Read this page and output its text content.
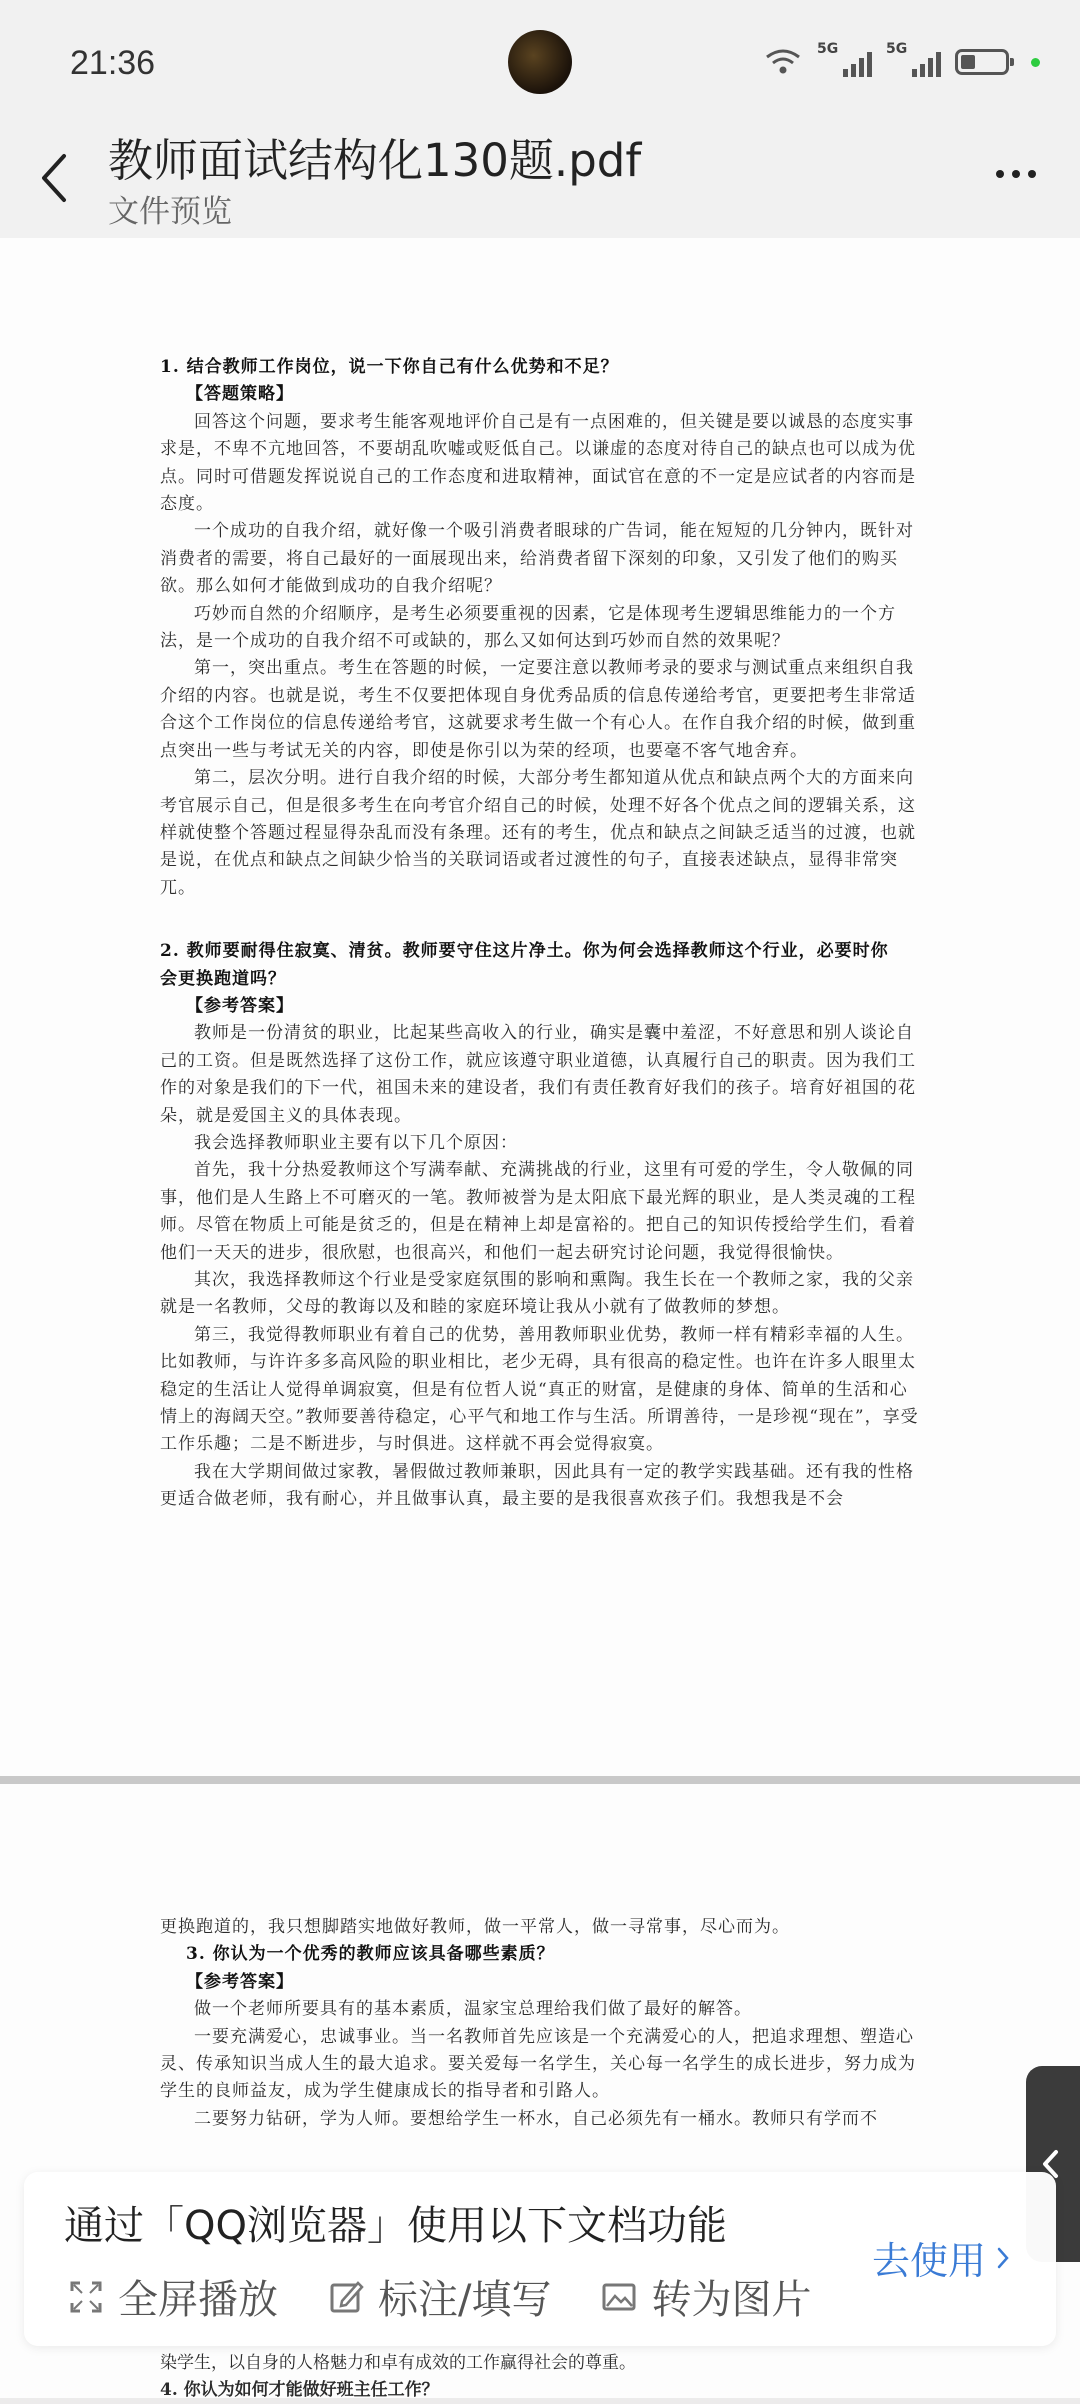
21:36	5G	5G
教师面试结构化130题.pdf
文件预览
1. 结合教师工作岗位，说一下你自己有什么优势和不足？
【答题策略】
回答这个问题，要求考生能客观地评价自己是有一点困难的，但关键是要以诚恳的态度实事求是，不卑不亢地回答，不要胡乱吹嘘或贬低自己。以谦虚的态度对待自己的缺点也可以成为优点。同时可借题发挥说说自己的工作态度和进取精神，面试官在意的不一定是应试者的内容而是态度。
一个成功的自我介绍，就好像一个吸引消费者眼球的广告词，能在短短的几分钟内，既针对消费者的需要，将自己最好的一面展现出来，给消费者留下深刻的印象，又引发了他们的购买欲。那么如何才能做到成功的自我介绍呢？
巧妙而自然的介绍顺序，是考生必须要重视的因素，它是体现考生逻辑思维能力的一个方法，是一个成功的自我介绍不可或缺的，那么又如何达到巧妙而自然的效果呢？
第一，突出重点。考生在答题的时候，一定要注意以教师考录的要求与测试重点来组织自我介绍的内容。也就是说，考生不仅要把体现自身优秀品质的信息传递给考官，更要把考生非常适合这个工作岗位的信息传递给考官，这就要求考生做一个有心人。在作自我介绍的时候，做到重点突出一些与考试无关的内容，即使是你引以为荣的经项，也要毫不客气地舍弃。
第二，层次分明。进行自我介绍的时候，大部分考生都知道从优点和缺点两个大的方面来向考官展示自己，但是很多考生在向考官介绍自己的时候，处理不好各个优点之间的逻辑关系，这样就使整个答题过程显得杂乱而没有条理。还有的考生，优点和缺点之间缺乏适当的过渡，也就是说，在优点和缺点之间缺少恰当的关联词语或者过渡性的句子，直接表述缺点，显得非常突兀。
2. 教师要耐得住寂寞、清贫。教师要守住这片净土。你为何会选择教师这个行业，必要时你
会更换跑道吗？
【参考答案】
教师是一份清贫的职业，比起某些高收入的行业，确实是囊中羞涩，不好意思和别人谈论自己的工资。但是既然选择了这份工作，就应该遵守职业道德，认真履行自己的职责。因为我们工作的对象是我们的下一代，祖国未来的建设者，我们有责任教育好我们的孩子。培育好祖国的花朵，就是爱国主义的具体表现。
我会选择教师职业主要有以下几个原因：
首先，我十分热爱教师这个写满奉献、充满挑战的行业，这里有可爱的学生，令人敬佩的同事，他们是人生路上不可磨灭的一笔。教师被誉为是太阳底下最光辉的职业，是人类灵魂的工程师。尽管在物质上可能是贫乏的，但是在精神上却是富裕的。把自己的知识传授给学生们，看着他们一天天的进步，很欣慰，也很高兴，和他们一起去研究讨论问题，我觉得很愉快。
其次，我选择教师这个行业是受家庭氛围的影响和熏陶。我生长在一个教师之家，我的父亲就是一名教师，父母的教诲以及和睦的家庭环境让我从小就有了做教师的梦想。
第三，我觉得教师职业有着自己的优势，善用教师职业优势，教师一样有精彩幸福的人生。比如教师，与许许多多高风险的职业相比，老少无碍，具有很高的稳定性。也许在许多人眼里太稳定的生活让人觉得单调寂寞，但是有位哲人说“真正的财富，是健康的身体、简单的生活和心情上的海阔天空。”教师要善待稳定，心平气和地工作与生活。所谓善待，一是珍视“现在”，享受工作乐趣；二是不断进步，与时俱进。这样就不再会觉得寂寞。
我在大学期间做过家教，暑假做过教师兼职，因此具有一定的教学实践基础。还有我的性格更适合做老师，我有耐心，并且做事认真，最主要的是我很喜欢孩子们。我想我是不会
更换跑道的，我只想脚踏实地做好教师，做一平常人，做一寻常事，尽心而为。
3. 你认为一个优秀的教师应该具备哪些素质？
【参考答案】
做一个老师所要具有的基本素质，温家宝总理给我们做了最好的解答。
一要充满爱心，忠诚事业。当一名教师首先应该是一个充满爱心的人，把追求理想、塑造心灵、传承知识当成人生的最大追求。要关爱每一名学生，关心每一名学生的成长进步，努力成为学生的良师益友，成为学生健康成长的指导者和引路人。
二要努力钻研，学为人师。要想给学生一杯水，自己必须先有一桶水。教师只有学而不
染学生，以自身的人格魅力和卓有成效的工作赢得社会的尊重。
4. 你认为如何才能做好班主任工作？
通过「QQ浏览器」使用以下文档功能
全屏播放	标注/填写	转为图片
去使用
